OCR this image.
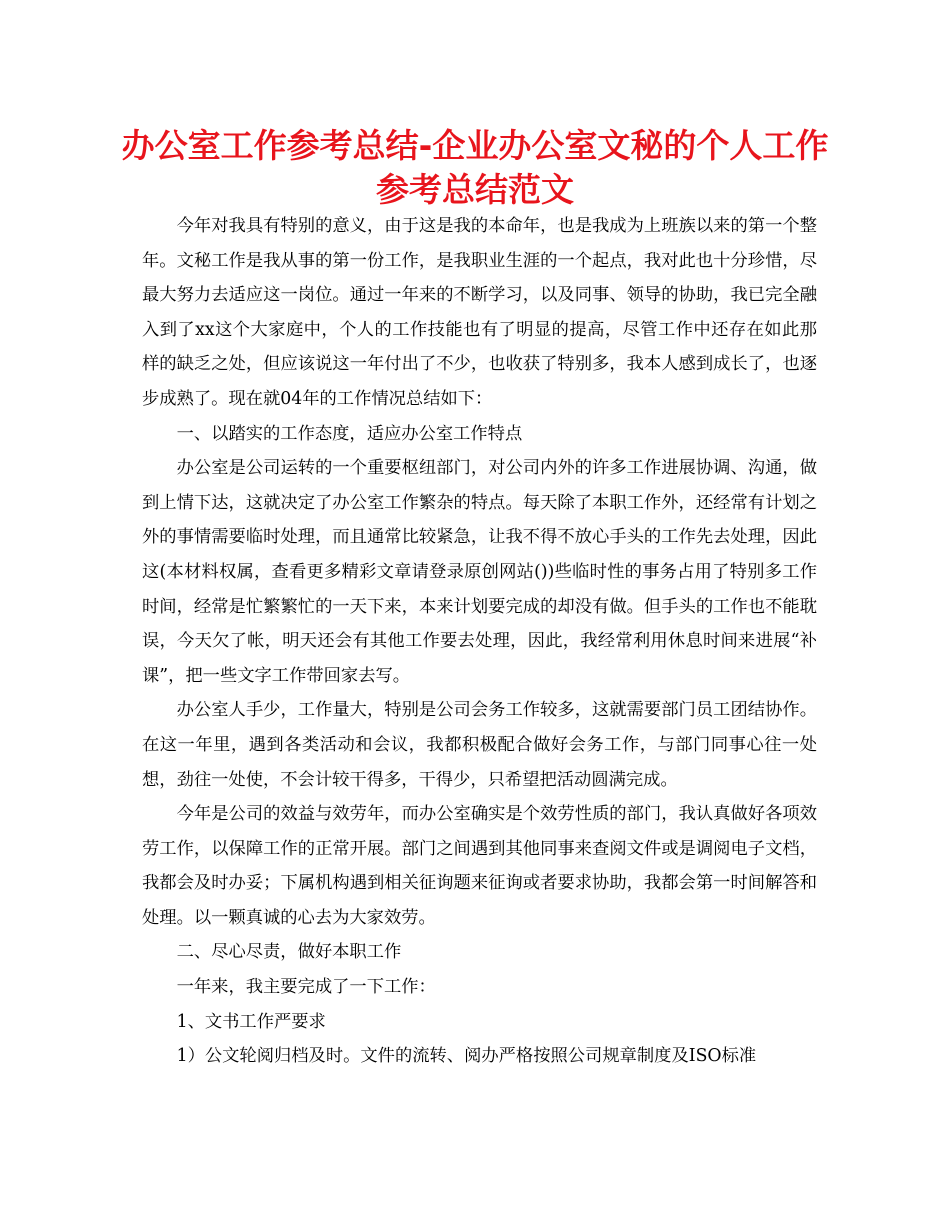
办公室工作参考总结-企业办公室文秘的个人工作
参考总结范文

今年对我具有特别的意义，由于这是我的本命年，也是我成为上班族以来的第一个整年。文秘工作是我从事的第一份工作，是我职业生涯的一个起点，我对此也十分珍惜，尽最大努力去适应这一岗位。通过一年来的不断学习，以及同事、领导的协助，我已完全融入到了xx这个大家庭中，个人的工作技能也有了明显的提高，尽管工作中还存在如此那样的缺乏之处，但应该说这一年付出了不少，也收获了特别多，我本人感到成长了，也逐步成熟了。现在就04年的工作情况总结如下：

一、以踏实的工作态度，适应办公室工作特点

办公室是公司运转的一个重要枢纽部门，对公司内外的许多工作进展协调、沟通，做到上情下达，这就决定了办公室工作繁杂的特点。每天除了本职工作外，还经常有计划之外的事情需要临时处理，而且通常比较紧急，让我不得不放心手头的工作先去处理，因此这(本材料权属，查看更多精彩文章请登录原创网站())些临时性的事务占用了特别多工作时间，经常是忙繁繁忙的一天下来，本来计划要完成的却没有做。但手头的工作也不能耽误，今天欠了帐，明天还会有其他工作要去处理，因此，我经常利用休息时间来进展“补课”，把一些文字工作带回家去写。

办公室人手少，工作量大，特别是公司会务工作较多，这就需要部门员工团结协作。在这一年里，遇到各类活动和会议，我都积极配合做好会务工作，与部门同事心往一处想，劲往一处使，不会计较干得多，干得少，只希望把活动圆满完成。

今年是公司的效益与效劳年，而办公室确实是个效劳性质的部门，我认真做好各项效劳工作，以保障工作的正常开展。部门之间遇到其他同事来查阅文件或是调阅电子文档，我都会及时办妥；下属机构遇到相关征询题来征询或者要求协助，我都会第一时间解答和处理。以一颗真诚的心去为大家效劳。

二、尽心尽责，做好本职工作

一年来，我主要完成了一下工作：

1、文书工作严要求

1）公文轮阅归档及时。文件的流转、阅办严格按照公司规章制度及ISO标准
